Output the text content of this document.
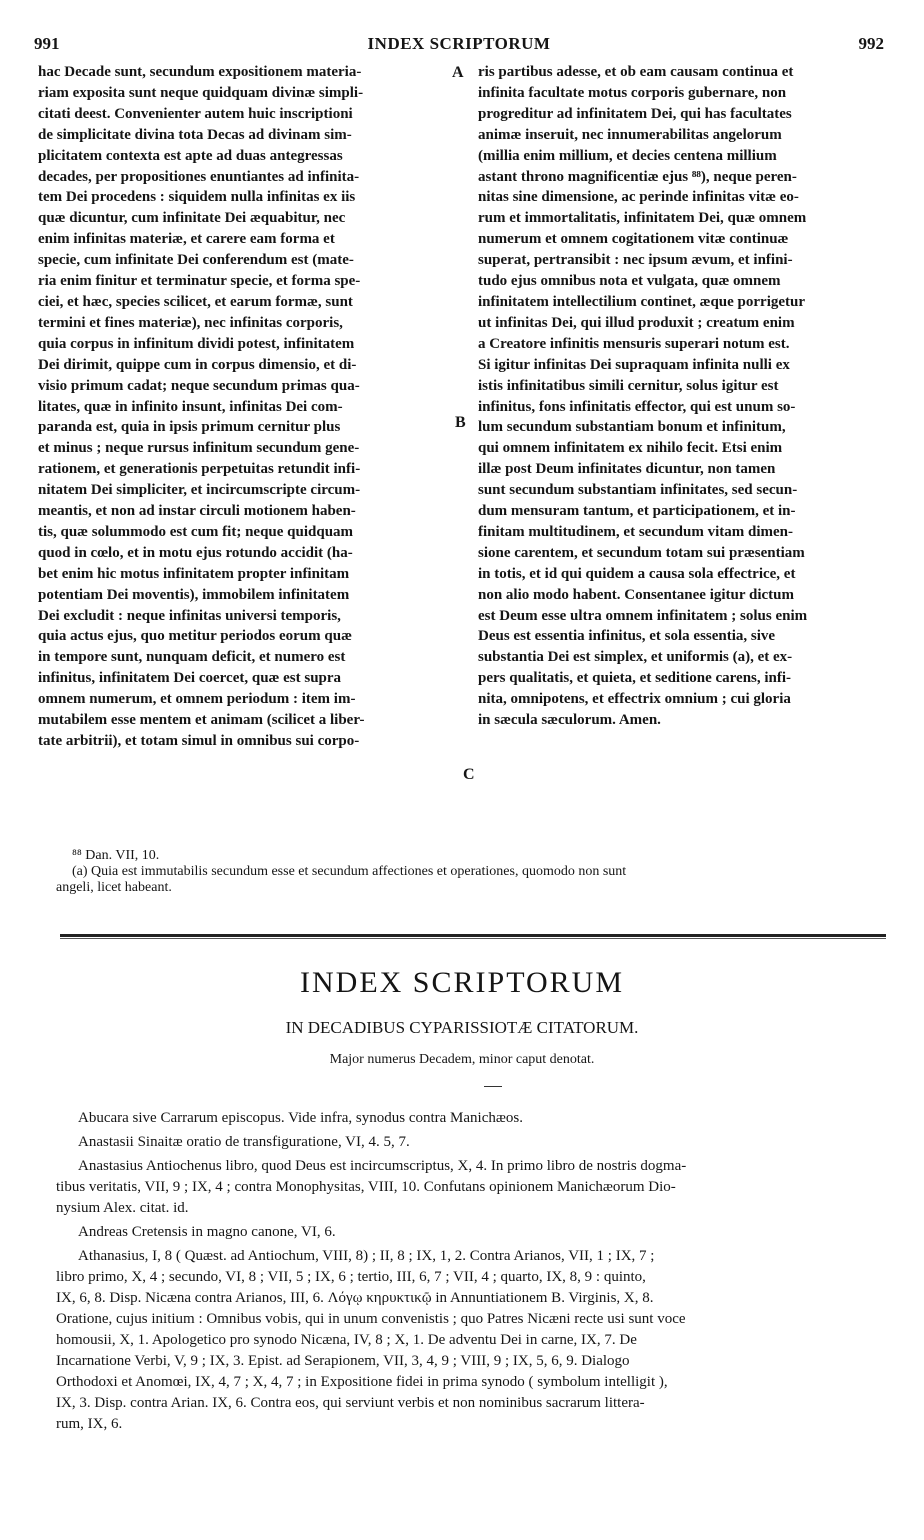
991	INDEX SCRIPTORUM	992
hac Decade sunt, secundum expositionem materia-
riam exposita sunt neque quidquam divinæ simpli-
citati deest. Convenienter autem huic inscriptioni
de simplicitate divina tota Decas ad divinam sim-
plicitatem contexta est apte ad duas antegressas
decades, per propositiones enuntiantes ad infinita-
tem Dei procedens : siquidem nulla infinitas ex iis
quæ dicuntur, cum infinitate Dei æquabitur, nec
enim infinitas materiæ, et carere eam forma et
specie, cum infinitate Dei conferendum est (mate-
ria enim finitur et terminatur specie, et forma spe-
ciei, et hæc, species scilicet, et earum formæ, sunt
termini et fines materiæ), nec infinitas corporis,
quia corpus in infinitum dividi potest, infinitatem
Dei dirimit, quippe cum in corpus dimensio, et di-
visio primum cadat; neque secundum primas qua-
litates, quæ in infinito insunt, infinitas Dei com-
paranda est, quia in ipsis primum cernitur plus
et minus ; neque rursus infinitum secundum gene-
rationem, et generationis perpetuitas retundit infi-
nitatem Dei simpliciter, et incircumscripte circum-
meantis, et non ad instar circuli motionem haben-
tis, quæ solummodo est cum fit; neque quidquam
quod in cœlo, et in motu ejus rotundo accidit (ha-
bet enim hic motus infinitatem propter infinitam
potentiam Dei moventis), immobilem infinitatem
Dei excludit : neque infinitas universi temporis,
quia actus ejus, quo metitur periodos eorum quæ
in tempore sunt, nunquam deficit, et numero est
infinitus, infinitatem Dei coercet, quæ est supra
omnem numerum, et omnem periodum : item im-
mutabilem esse mentem et animam (scilicet a liber-
tate arbitrii), et totam simul in omnibus sui corpo-
ris partibus adesse, et ob eam causam continua et
infinita facultate motus corporis gubernare, non
progreditur ad infinitatem Dei, qui has facultates
animæ inseruit, nec innumerabilitas angelorum
(millia enim millium, et decies centena millium
astant throno magnificentiæ ejus ⁸⁸), neque peren-
nitas sine dimensione, ac perinde infinitas vitæ eo-
rum et immortalitatis, infinitatem Dei, quæ omnem
numerum et omnem cogitationem vitæ continuæ
superat, pertransibit : nec ipsum ævum, et infini-
tudo ejus omnibus nota et vulgata, quæ omnem
infinitatem intellectilium continet, æque porrigetur
ut infinitas Dei, qui illud produxit ; creatum enim
a Creatore infinitis mensuris superari notum est.
Si igitur infinitas Dei supraquam infinita nulli ex
istis infinitatibus simili cernitur, solus igitur est
infinitus, fons infinitatis effector, qui est unum so-
lum secundum substantiam bonum et infinitum,
qui omnem infinitatem ex nihilo fecit. Etsi enim
illæ post Deum infinitates dicuntur, non tamen
sunt secundum substantiam infinitates, sed secun-
dum mensuram tantum, et participationem, et in-
finitam multitudinem, et secundum vitam dimen-
sione carentem, et secundum totam sui præsentiam
in totis, et id qui quidem a causa sola effectrice, et
non alio modo habent. Consentanee igitur dictum
est Deum esse ultra omnem infinitatem ; solus enim
Deus est essentia infinitus, et sola essentia, sive
substantia Dei est simplex, et uniformis (a), et ex-
pers qualitatis, et quieta, et seditione carens, infi-
nita, omnipotens, et effectrix omnium ; cui gloria
in sæcula sæculorum. Amen.
A
B
C
⁸⁸ Dan. VII, 10.
(a) Quia est immutabilis secundum esse et secundum affectiones et operationes, quomodo non sunt
angeli, licet habeant.
INDEX SCRIPTORUM
IN DECADIBUS CYPARISSIOTÆ CITATORUM.
Major numerus Decadem, minor caput denotat.
Abucara sive Carrarum episcopus. Vide infra, synodus contra Manichæos.
Anastasii Sinaitæ oratio de transfiguratione, VI, 4. 5, 7.
Anastasius Antiochenus libro, quod Deus est incircumscriptus, X, 4. In primo libro de nostris dogma-
tibus veritatis, VII, 9 ; IX, 4 ; contra Monophysitas, VIII, 10. Confutans opinionem Manichæorum Dio-
nysium Alex. citat. id.
Andreas Cretensis in magno canone, VI, 6.
Athanasius, I, 8 ( Quæst. ad Antiochum, VIII, 8) ; II, 8 ; IX, 1, 2. Contra Arianos, VII, 1 ; IX, 7 ;
libro primo, X, 4 ; secundo, VI, 8 ; VII, 5 ; IX, 6 ; tertio, III, 6, 7 ; VII, 4 ; quarto, IX, 8, 9 : quinto,
IX, 6, 8. Disp. Nicæna contra Arianos, III, 6. Λόγῳ κηρυκτικῷ in Annuntiationem B. Virginis, X, 8.
Oratione, cujus initium : Omnibus vobis, qui in unum convenistis ; quo Patres Nicæni recte usi sunt voce
homousii, X, 1. Apologetico pro synodo Nicæna, IV, 8 ; X, 1. De adventu Dei in carne, IX, 7. De
Incarnatione Verbi, V, 9 ; IX, 3. Epist. ad Serapionem, VII, 3, 4, 9 ; VIII, 9 ; IX, 5, 6, 9. Dialogo
Orthodoxi et Anomœi, IX, 4, 7 ; X, 4, 7 ; in Expositione fidei in prima synodo ( symbolum intelligit ),
IX, 3. Disp. contra Arian. IX, 6. Contra eos, qui serviunt verbis et non nominibus sacrarum littera-
rum, IX, 6.
